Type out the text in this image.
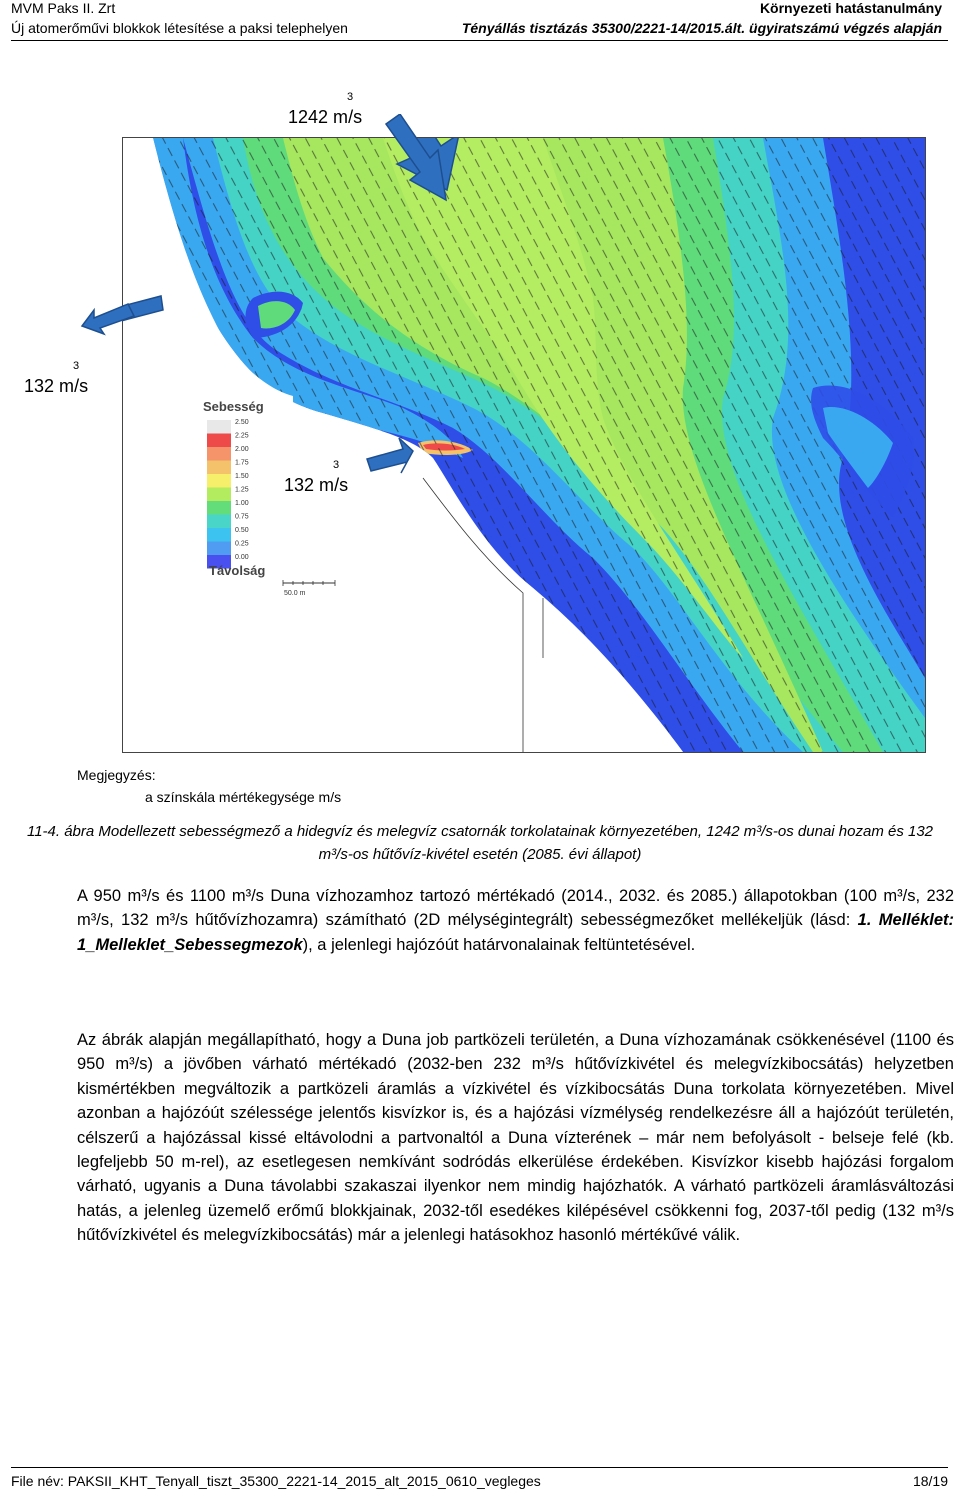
MVM Paks II. Zrt
Új atomerőművi blokkok létesítése a paksi telephelyen
Környezeti hatástanulmány
Tényállás tisztázás 35300/2221-14/2015.ált. ügyiratszámú végzés alapján
Sebesség
2.50
2.25
2.00
1.75
1.50
1.25
1.00
0.75
0.50
0.25
0.00
Távolság
50.0 m
1242 $m^3/s$
132 $m^3/s$
132 $m^3/s$
Megjegyzés:
a színskála mértékegysége m/s
11-4. ábra Modellezett sebességmező a hidegvíz és melegvíz csatornák torkolatainak környezetében, 1242 m³/s-os dunai hozam és 132 m³/s-os hűtővíz-kivétel esetén (2085. évi állapot)
A 950 m³/s és 1100 m³/s Duna vízhozamhoz tartozó mértékadó (2014., 2032. és 2085.) állapotokban (100 m³/s, 232 m³/s, 132 m³/s hűtővízhozamra) számítható (2D mélységintegrált) sebességmezőket mellékeljük (lásd: 1. Melléklet: 1_Melleklet_Sebessegmezok), a jelenlegi hajózóút határvonalainak feltüntetésével.
Az ábrák alapján megállapítható, hogy a Duna job partközeli területén, a Duna vízhozamának csökkenésével (1100 és 950 m³/s) a jövőben várható mértékadó (2032-ben 232 m³/s hűtővízkivétel és melegvízkibocsátás) helyzetben kismértékben megváltozik a partközeli áramlás a vízkivétel és vízkibocsátás Duna torkolata környezetében. Mivel azonban a hajózóút szélessége jelentős kisvízkor is, és a hajózási vízmélység rendelkezésre áll a hajózóút területén, célszerű a hajózással kissé eltávolodni a partvonaltól a Duna vízterének – már nem befolyásolt - belseje felé (kb. legfeljebb 50 m-rel), az esetlegesen nemkívánt sodródás elkerülése érdekében. Kisvízkor kisebb hajózási forgalom várható, ugyanis a Duna távolabbi szakaszai ilyenkor nem mindig hajózhatók. A várható partközeli áramlásváltozási hatás, a jelenleg üzemelő erőmű blokkjainak, 2032-től esedékes kilépésével csökkenni fog, 2037-től pedig (132 m³/s hűtővízkivétel és melegvízkibocsátás) már a jelenlegi hatásokhoz hasonló mértékűvé válik.
File név: PAKSII_KHT_Tenyall_tiszt_35300_2221-14_2015_alt_2015_0610_vegleges	18/19
